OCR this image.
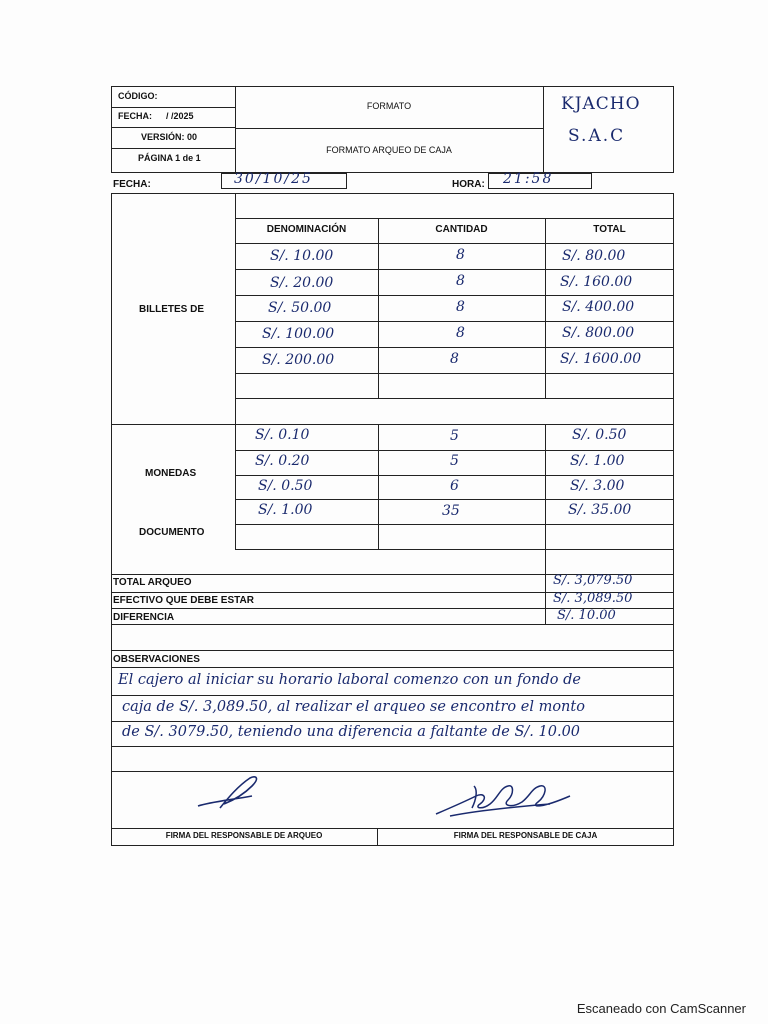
CÓDIGO:
FECHA: / /2025
VERSIÓN: 00
PÁGINA 1 de 1
FORMATO
FORMATO ARQUEO DE CAJA
KJACHO
S.A.C
FECHA:	30/10/25	HORA: 21:58
DENOMINACIÓN	CANTIDAD	TOTAL
BILLETES DE
MONEDAS
DOCUMENTO
S/. 10.00	8	S/. 80.00
S/. 20.00	8	S/. 160.00
S/. 50.00	8	S/. 400.00
S/. 100.00	8	S/. 800.00
S/. 200.00	8	S/. 1600.00
S/. 0.10	5	S/. 0.50
S/. 0.20	5	S/. 1.00
S/. 0.50	6	S/. 3.00
S/. 1.00	35	S/. 35.00
TOTAL ARQUEO	S/. 3,079.50
EFECTIVO QUE DEBE ESTAR	S/. 3,089.50
DIFERENCIA	S/. 10.00
OBSERVACIONES
El cajero al iniciar su horario laboral comenzo con un fondo de
caja de S/. 3,089.50, al realizar el arqueo se encontro el monto
de S/. 3079.50, teniendo una diferencia a faltante de S/. 10.00
FIRMA DEL RESPONSABLE DE ARQUEO	FIRMA DEL RESPONSABLE DE CAJA
Escaneado con CamScanner
